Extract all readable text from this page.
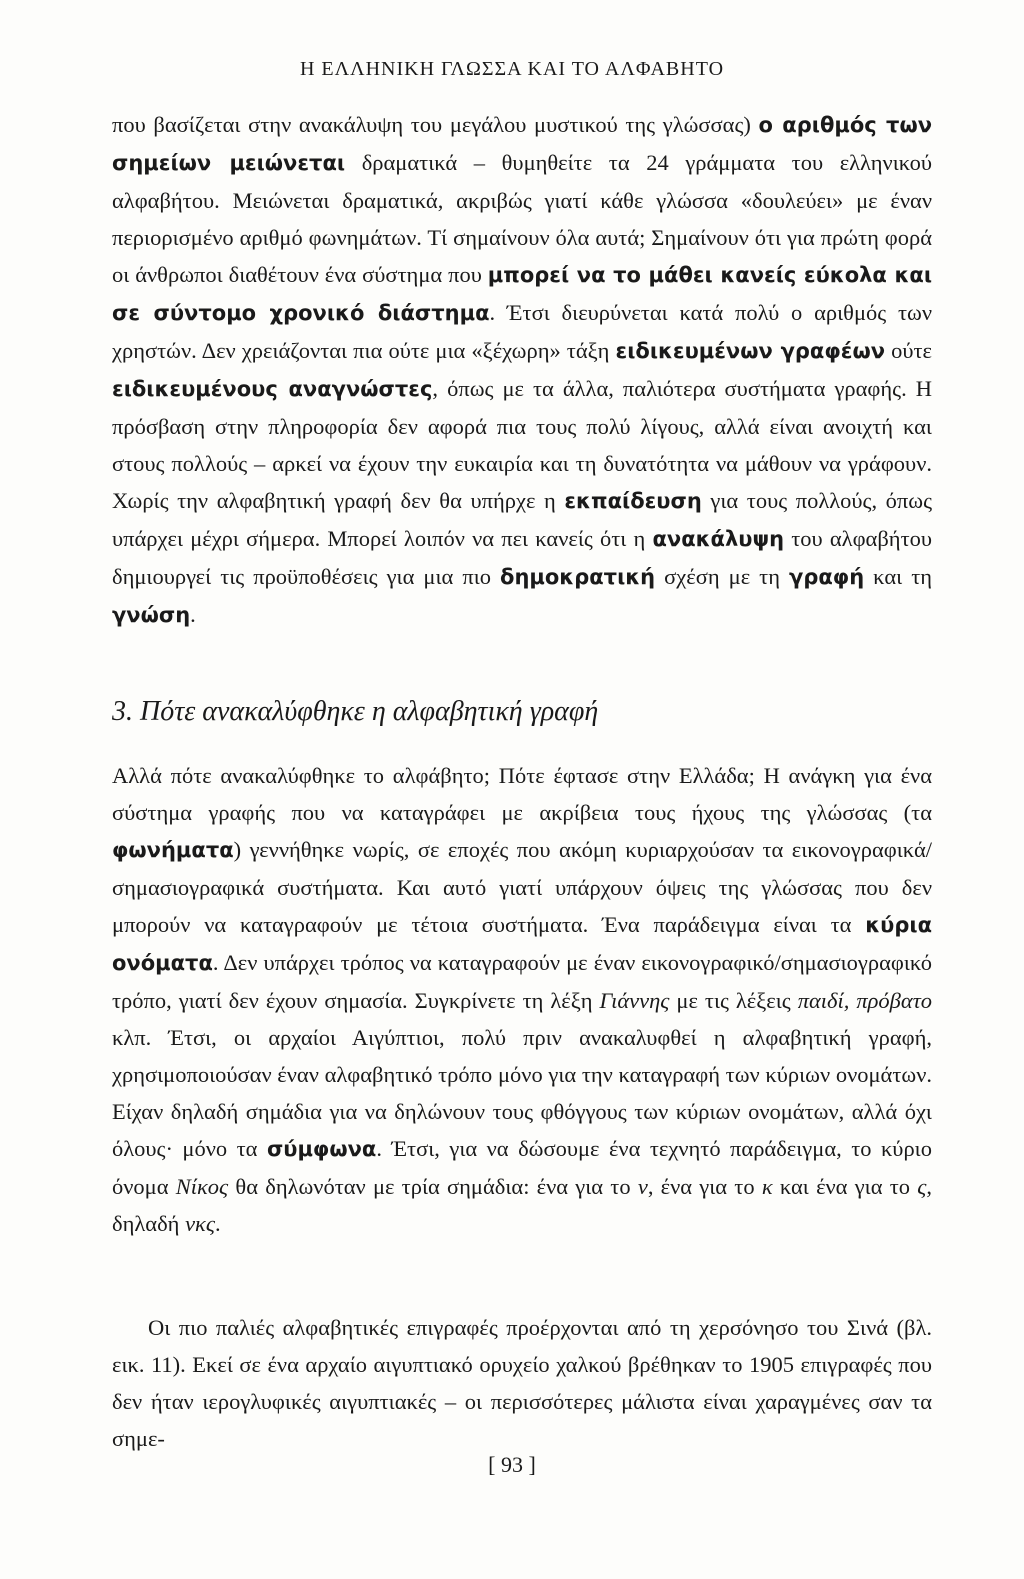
Η ΕΛΛΗΝΙΚΗ ΓΛΩΣΣΑ ΚΑΙ ΤΟ ΑΛΦΑΒΗΤΟ

που βασίζεται στην ανακάλυψη του μεγάλου μυστικού της γλώσσας) ο αριθμός των σημείων μειώνεται δραματικά – θυμηθείτε τα 24 γράμματα του ελληνικού αλφαβήτου. Μειώνεται δραματικά, ακριβώς γιατί κάθε γλώσσα «δουλεύει» με έναν περιορισμένο αριθμό φωνημάτων. Τί σημαίνουν όλα αυτά; Σημαίνουν ότι για πρώτη φορά οι άνθρωποι διαθέτουν ένα σύστημα που μπορεί να το μάθει κανείς εύκολα και σε σύντομο χρονικό διάστημα. Έτσι διευρύνεται κατά πολύ ο αριθμός των χρηστών. Δεν χρειάζονται πια ούτε μια «ξέχωρη» τάξη ειδικευμένων γραφέων ούτε ειδικευμένους αναγνώστες, όπως με τα άλλα, παλιότερα συστήματα γραφής. Η πρόσβαση στην πληροφορία δεν αφορά πια τους πολύ λίγους, αλλά είναι ανοιχτή και στους πολλούς – αρκεί να έχουν την ευκαιρία και τη δυνατότητα να μάθουν να γράφουν. Χωρίς την αλφαβητική γραφή δεν θα υπήρχε η εκπαίδευση για τους πολλούς, όπως υπάρχει μέχρι σήμερα. Μπορεί λοιπόν να πει κανείς ότι η ανακάλυψη του αλφαβήτου δημιουργεί τις προϋποθέσεις για μια πιο δημοκρατική σχέση με τη γραφή και τη γνώση.

3. Πότε ανακαλύφθηκε η αλφαβητική γραφή

Αλλά πότε ανακαλύφθηκε το αλφάβητο; Πότε έφτασε στην Ελλάδα; Η ανάγκη για ένα σύστημα γραφής που να καταγράφει με ακρίβεια τους ήχους της γλώσσας (τα φωνήματα) γεννήθηκε νωρίς, σε εποχές που ακόμη κυριαρχούσαν τα εικονογραφικά/σημασιογραφικά συστήματα. Και αυτό γιατί υπάρχουν όψεις της γλώσσας που δεν μπορούν να καταγραφούν με τέτοια συστήματα. Ένα παράδειγμα είναι τα κύρια ονόματα. Δεν υπάρχει τρόπος να καταγραφούν με έναν εικονογραφικό/σημασιογραφικό τρόπο, γιατί δεν έχουν σημασία. Συγκρίνετε τη λέξη Γιάννης με τις λέξεις παιδί, πρόβατο κλπ. Έτσι, οι αρχαίοι Αιγύπτιοι, πολύ πριν ανακαλυφθεί η αλφαβητική γραφή, χρησιμοποιούσαν έναν αλφαβητικό τρόπο μόνο για την καταγραφή των κύριων ονομάτων. Είχαν δηλαδή σημάδια για να δηλώνουν τους φθόγγους των κύριων ονομάτων, αλλά όχι όλους· μόνο τα σύμφωνα. Έτσι, για να δώσουμε ένα τεχνητό παράδειγμα, το κύριο όνομα Νίκος θα δηλωνόταν με τρία σημάδια: ένα για το ν, ένα για το κ και ένα για το ς, δηλαδή νκς.

Οι πιο παλιές αλφαβητικές επιγραφές προέρχονται από τη χερσόνησο του Σινά (βλ. εικ. 11). Εκεί σε ένα αρχαίο αιγυπτιακό ορυχείο χαλκού βρέθηκαν το 1905 επιγραφές που δεν ήταν ιερογλυφικές αιγυπτιακές – οι περισσότερες μάλιστα είναι χαραγμένες σαν τα σημε-

[ 93 ]
